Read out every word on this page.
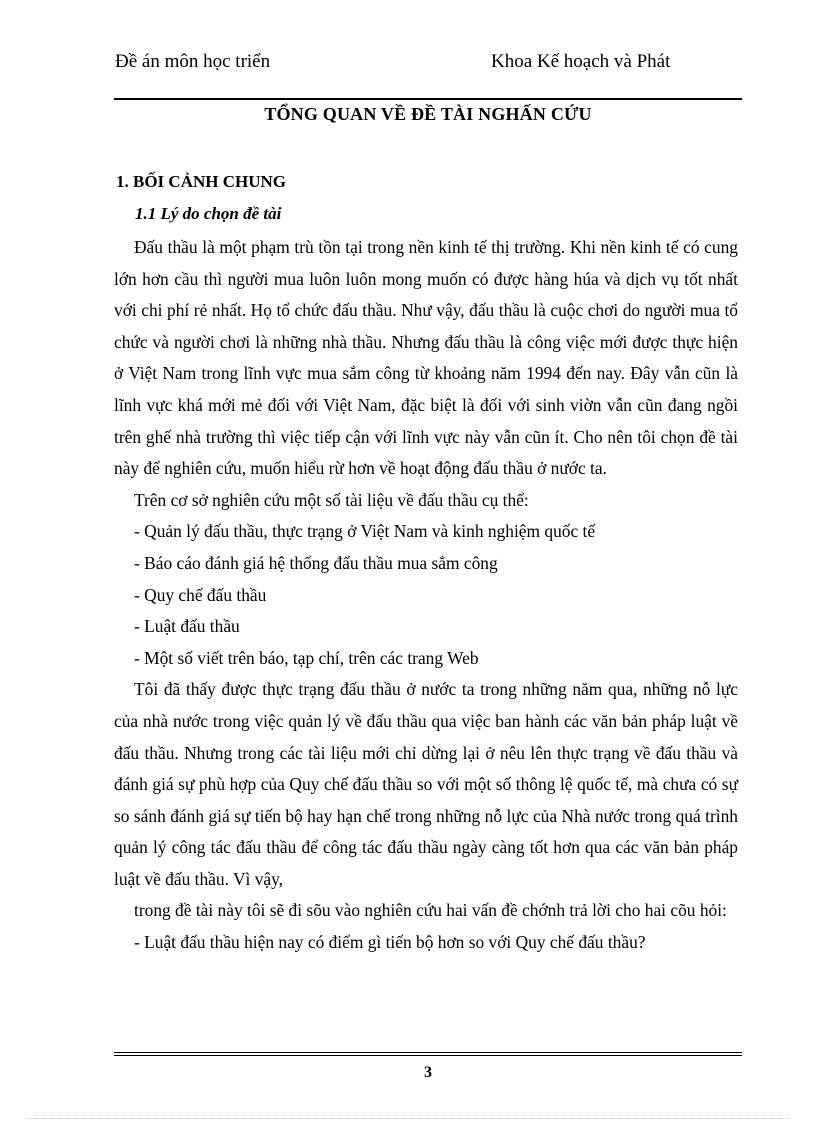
Đề án môn học triển	Khoa Kế hoạch và Phát
TỔNG QUAN VỀ ĐỀ TÀI NGHẤN CỨU
1. BỐI CẢNH CHUNG
1.1 Lý do chọn đề tài

Đấu thầu là một phạm trù tồn tại trong nền kinh tế thị trường. Khi nền kinh tế có cung lớn hơn cầu thì người mua luôn luôn mong muốn có được hàng húa và dịch vụ tốt nhất với chi phí rẻ nhất. Họ tổ chức đấu thầu. Như vậy, đấu thầu là cuộc chơi do người mua tổ chức và người chơi là những nhà thầu. Nhưng đấu thầu là công việc mới được thực hiện ở Việt Nam trong lĩnh vực mua sắm công từ khoảng năm 1994 đến nay. Đây vẫn cũn là lĩnh vực khá mới mẻ đối với Việt Nam, đặc biệt là đối với sinh viờn vẫn cũn đang ngồi trên ghế nhà trường thì việc tiếp cận với lĩnh vực này vẫn cũn ít. Cho nên tôi chọn đề tài này để nghiên cứu, muốn hiểu rừ hơn về hoạt động đấu thầu ở nước ta.

Trên cơ sở nghiên cứu một số tài liệu về đấu thầu cụ thể:

- Quản lý đấu thầu, thực trạng ở Việt Nam và kinh nghiệm quốc tế

- Báo cáo đánh giá hệ thống đấu thầu mua sắm công

- Quy chế đấu thầu

- Luật đấu thầu

- Một số viết trên báo, tạp chí, trên các trang Web

Tôi đã thấy được thực trạng đấu thầu ở nước ta trong những năm qua, những nỗ lực của nhà nước trong việc quản lý về đấu thầu qua việc ban hành các văn bản pháp luật về đấu thầu. Nhưng trong các tài liệu mới chỉ dừng lại ở nêu lên thực trạng về đấu thầu và đánh giá sự phù hợp của Quy chế đấu thầu so với một số thông lệ quốc tế, mà chưa có sự so sánh đánh giá sự tiến bộ hay hạn chế trong những nỗ lực của Nhà nước trong quá trình quản lý công tác đấu thầu để công tác đấu thầu ngày càng tốt hơn qua các văn bản pháp luật về đấu thầu. Vì vậy,

trong đề tài này tôi sẽ đi sõu vào nghiên cứu hai vấn đề chớnh trả lời cho hai cõu hỏi:

- Luật đấu thầu hiện nay có điểm gì tiến bộ hơn so với Quy chế đấu thầu?

3
